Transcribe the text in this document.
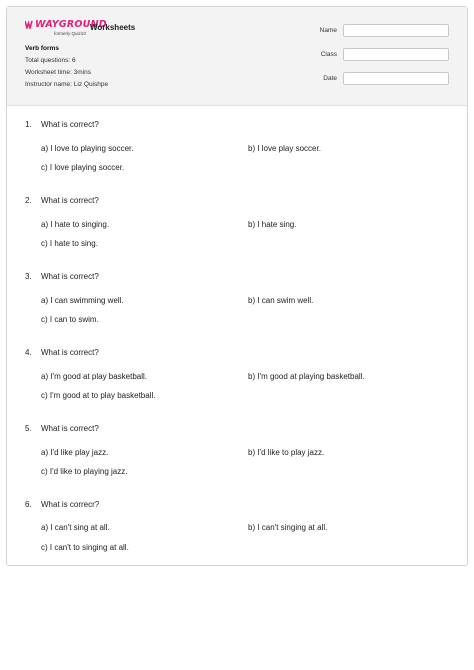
WAYGROUND
formerly Quizizz
Worksheets
Verb forms
Total questions: 6
Worksheet time: 3mins
Instructor name: Liz Quishpe
Name
Class
Date
1. What is correct?
a) I love to playing soccer.	b) I love play soccer.
c) I love playing soccer.
2. What is correct?
a) I hate to singing.	b) I hate sing.
c) I hate to sing.
3. What is correct?
a) I can swimming well.	b) I can swim well.
c) I can to swim.
4. What is correct?
a) I'm good at play basketball.	b) I'm good at playing basketball.
c) I'm good at to play basketball.
5. What is correct?
a) I'd like play jazz.	b) I'd like to play jazz.
c) I'd like to playing jazz.
6. What is correcr?
a) I can't sing at all.	b) I can't singing at all.
c) I can't to singing at all.
